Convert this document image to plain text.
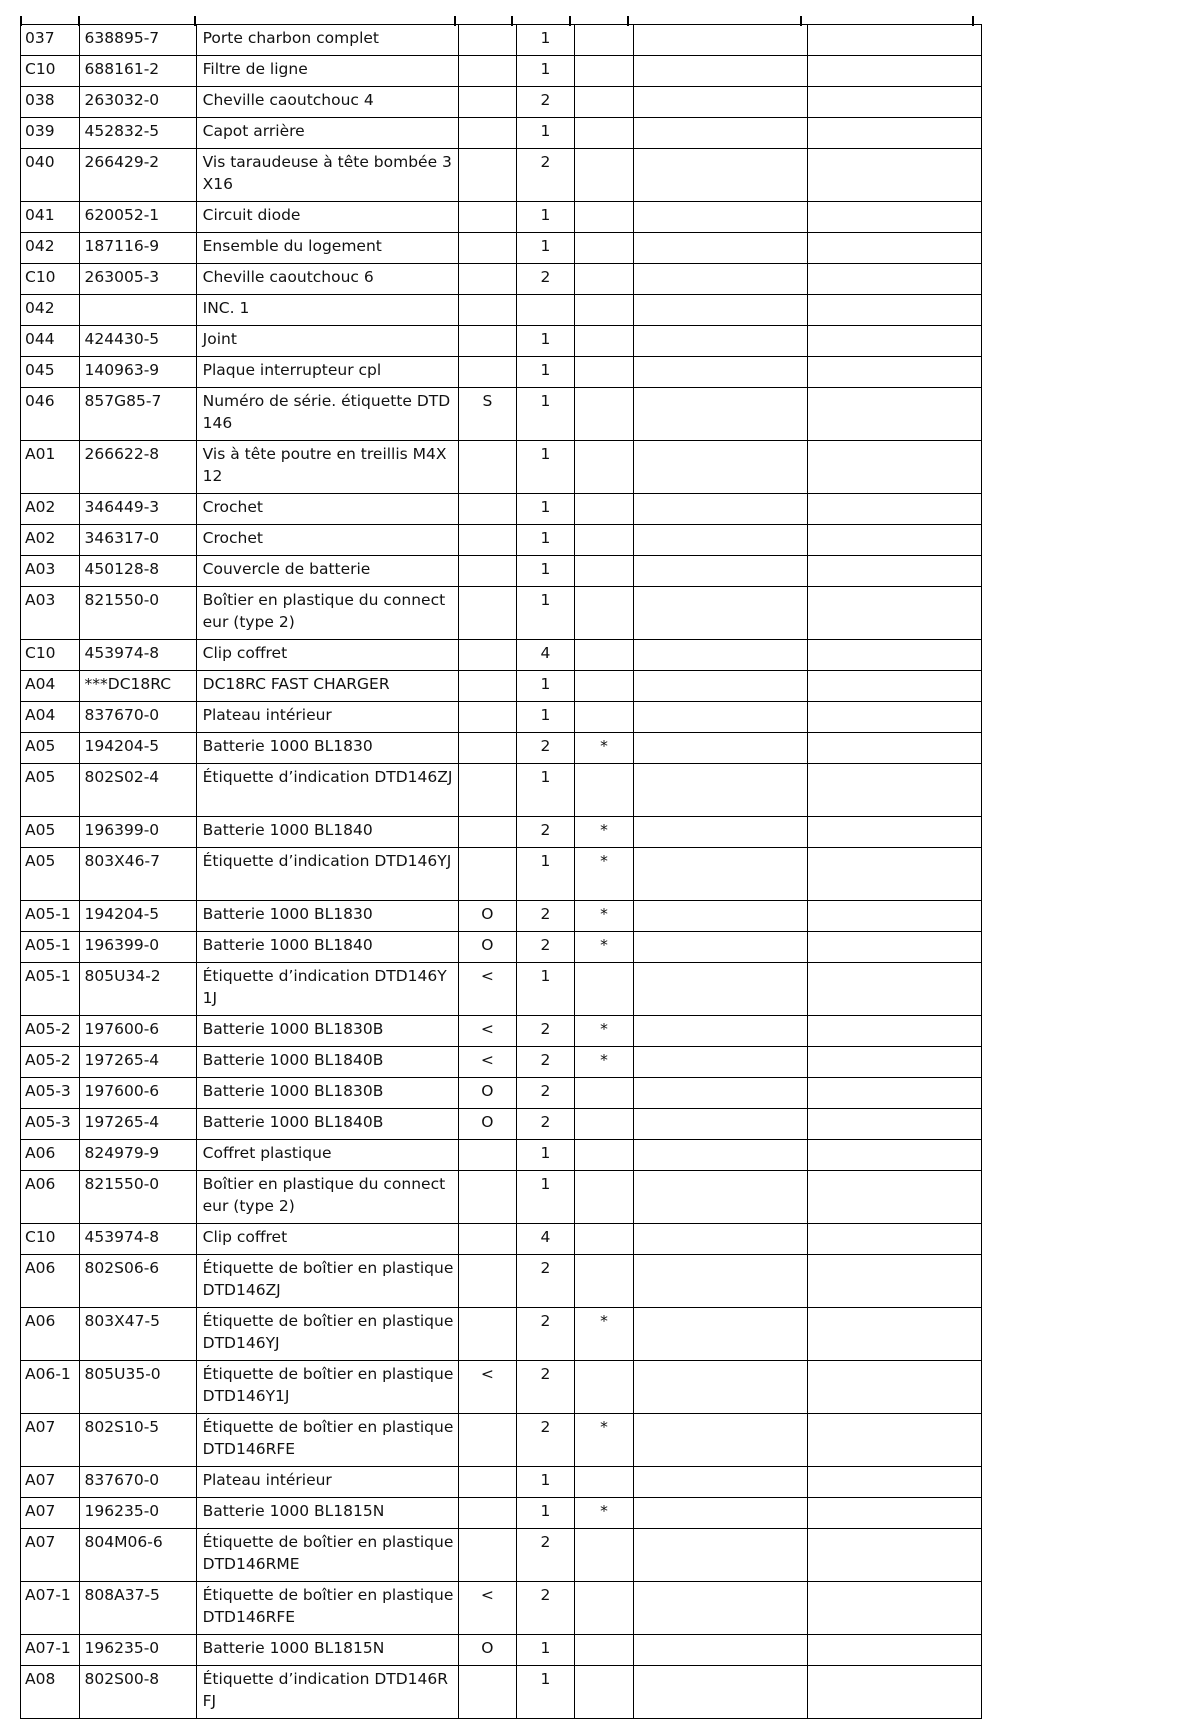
037	638895-7	Porte charbon complet		1			
C10	688161-2	Filtre de ligne		1			
038	263032-0	Cheville caoutchouc 4		2			
039	452832-5	Capot arrière		1			
040	266429-2	Vis taraudeuse à tête bombée 3X16		2			
041	620052-1	Circuit diode		1			
042	187116-9	Ensemble du logement		1			
C10	263005-3	Cheville caoutchouc 6		2			
042		INC. 1					
044	424430-5	Joint		1			
045	140963-9	Plaque interrupteur cpl		1			
046	857G85-7	Numéro de série. étiquette DTD146	S	1			
A01	266622-8	Vis à tête poutre en treillis M4X12		1			
A02	346449-3	Crochet		1			
A02	346317-0	Crochet		1			
A03	450128-8	Couvercle de batterie		1			
A03	821550-0	Boîtier en plastique du connecteur (type 2)		1			
C10	453974-8	Clip coffret		4			
A04	***DC18RC	DC18RC FAST CHARGER		1			
A04	837670-0	Plateau intérieur		1			
A05	194204-5	Batterie 1000 BL1830		2	*		
A05	802S02-4	Étiquette d’indication DTD146ZJ		1			
A05	196399-0	Batterie 1000 BL1840		2	*		
A05	803X46-7	Étiquette d’indication DTD146YJ		1	*		
A05-1	194204-5	Batterie 1000 BL1830	O	2	*		
A05-1	196399-0	Batterie 1000 BL1840	O	2	*		
A05-1	805U34-2	Étiquette d’indication DTD146Y1J	<	1			
A05-2	197600-6	Batterie 1000 BL1830B	<	2	*		
A05-2	197265-4	Batterie 1000 BL1840B	<	2	*		
A05-3	197600-6	Batterie 1000 BL1830B	O	2			
A05-3	197265-4	Batterie 1000 BL1840B	O	2			
A06	824979-9	Coffret plastique		1			
A06	821550-0	Boîtier en plastique du connecteur (type 2)		1			
C10	453974-8	Clip coffret		4			
A06	802S06-6	Étiquette de boîtier en plastique DTD146ZJ		2			
A06	803X47-5	Étiquette de boîtier en plastique DTD146YJ		2	*		
A06-1	805U35-0	Étiquette de boîtier en plastique DTD146Y1J	<	2			
A07	802S10-5	Étiquette de boîtier en plastique DTD146RFE		2	*		
A07	837670-0	Plateau intérieur		1			
A07	196235-0	Batterie 1000 BL1815N		1	*		
A07	804M06-6	Étiquette de boîtier en plastique DTD146RME		2			
A07-1	808A37-5	Étiquette de boîtier en plastique DTD146RFE	<	2			
A07-1	196235-0	Batterie 1000 BL1815N	O	1			
A08	802S00-8	Étiquette d’indication DTD146RFJ		1			
